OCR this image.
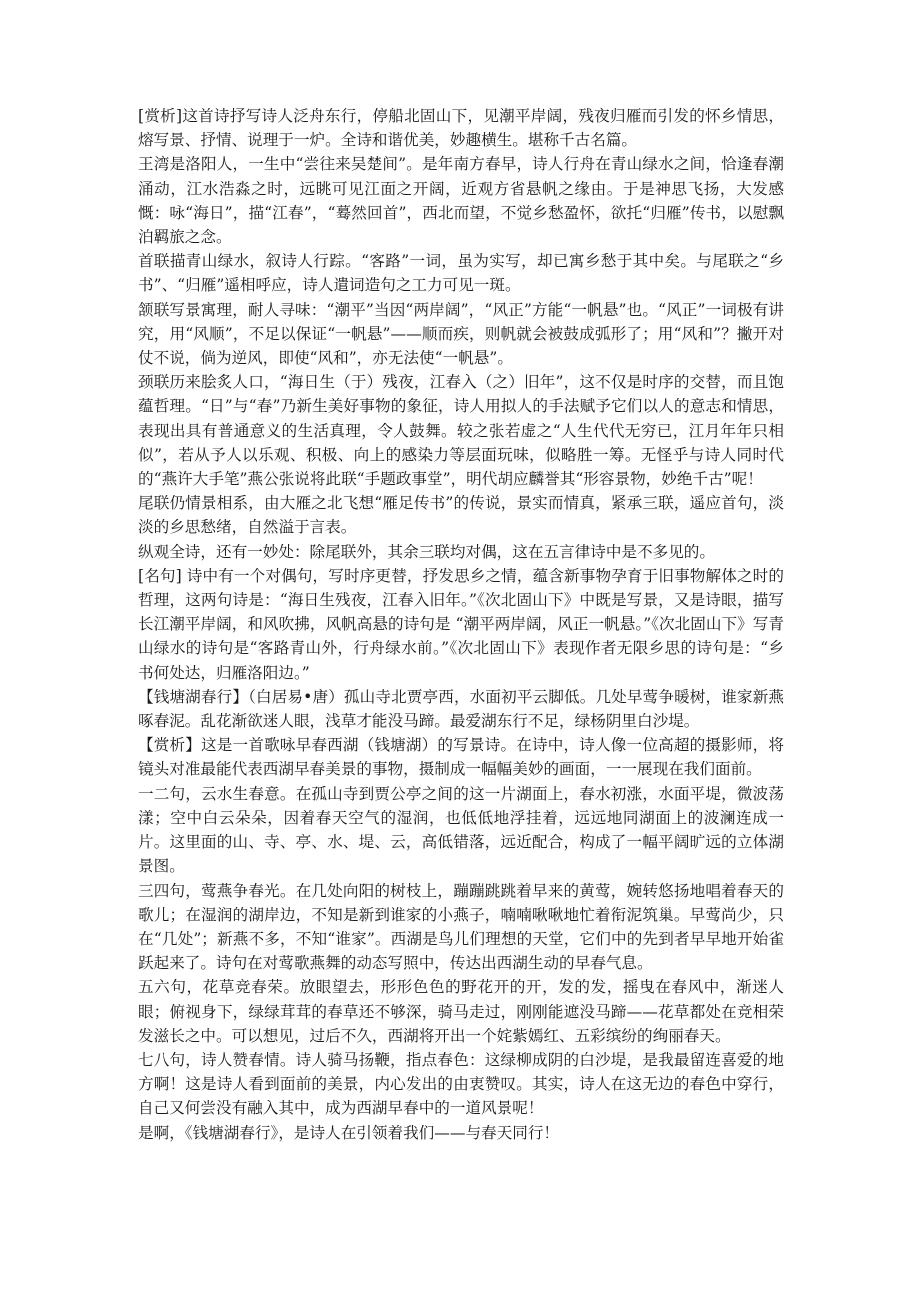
[赏析]这首诗抒写诗人泛舟东行，停船北固山下，见潮平岸阔，残夜归雁而引发的怀乡情思，熔写景、抒情、说理于一炉。全诗和谐优美，妙趣横生。堪称千古名篇。

王湾是洛阳人，一生中“尝往来吴楚间”。是年南方春早，诗人行舟在青山绿水之间，恰逢春潮涌动，江水浩淼之时，远眺可见江面之开阔，近观方省悬帆之缘由。于是神思飞扬，大发感慨：咏“海日”，描“江春”，“蓦然回首”，西北而望，不觉乡愁盈怀，欲托“归雁”传书，以慰飘泊羁旅之念。

首联描青山绿水，叙诗人行踪。“客路”一词，虽为实写，却已寓乡愁于其中矣。与尾联之“乡书”、“归雁”遥相呼应，诗人遣词造句之工力可见一斑。

颔联写景寓理，耐人寻味：“潮平”当因“两岸阔”，“风正”方能“一帆悬”也。“风正”一词极有讲究，用“风顺”，不足以保证“一帆悬”——顺而疾，则帆就会被鼓成弧形了；用“风和”？撇开对仗不说，倘为逆风，即使“风和”，亦无法使“一帆悬”。

颈联历来脍炙人口，“海日生（于）残夜，江春入（之）旧年”，这不仅是时序的交替，而且饱蕴哲理。“日”与“春”乃新生美好事物的象征，诗人用拟人的手法赋予它们以人的意志和情思，表现出具有普通意义的生活真理，令人鼓舞。较之张若虚之“人生代代无穷已，江月年年只相似”，若从予人以乐观、积极、向上的感染力等层面玩味，似略胜一筹。无怪乎与诗人同时代的“燕许大手笔”燕公张说将此联“手题政事堂”，明代胡应麟誉其“形容景物，妙绝千古”呢！

尾联仍情景相系，由大雁之北飞想“雁足传书”的传说，景实而情真，紧承三联，遥应首句，淡淡的乡思愁绪，自然溢于言表。

纵观全诗，还有一妙处：除尾联外，其余三联均对偶，这在五言律诗中是不多见的。

[名句] 诗中有一个对偶句，写时序更替，抒发思乡之情，蕴含新事物孕育于旧事物解体之时的哲理，这两句诗是：“海日生残夜，江春入旧年。”《次北固山下》中既是写景，又是诗眼，描写长江潮平岸阔，和风吹拂，风帆高悬的诗句是 “潮平两岸阔，风正一帆悬。”《次北固山下》写青山绿水的诗句是“客路青山外，行舟绿水前。”《次北固山下》表现作者无限乡思的诗句是：“乡书何处达，归雁洛阳边。”

【钱塘湖春行】（白居易•唐）孤山寺北贾亭西，水面初平云脚低。几处早莺争暖树，谁家新燕啄春泥。乱花渐欲迷人眼，浅草才能没马蹄。最爱湖东行不足，绿杨阴里白沙堤。

【赏析】这是一首歌咏早春西湖（钱塘湖）的写景诗。在诗中，诗人像一位高超的摄影师，将镜头对准最能代表西湖早春美景的事物，摄制成一幅幅美妙的画面，一一展现在我们面前。

一二句，云水生春意。在孤山寺到贾公亭之间的这一片湖面上，春水初涨，水面平堤，微波荡漾；空中白云朵朵，因着春天空气的湿润，也低低地浮挂着，远远地同湖面上的波澜连成一片。这里面的山、寺、亭、水、堤、云，高低错落，远近配合，构成了一幅平阔旷远的立体湖景图。

三四句，莺燕争春光。在几处向阳的树枝上，蹦蹦跳跳着早来的黄莺，婉转悠扬地唱着春天的歌儿；在湿润的湖岸边，不知是新到谁家的小燕子，喃喃啾啾地忙着衔泥筑巢。早莺尚少，只在“几处”；新燕不多，不知“谁家”。西湖是鸟儿们理想的天堂，它们中的先到者早早地开始雀跃起来了。诗句在对莺歌燕舞的动态写照中，传达出西湖生动的早春气息。

五六句，花草竞春荣。放眼望去，形形色色的野花开的开，发的发，摇曳在春风中，渐迷人眼；俯视身下，绿绿茸茸的春草还不够深，骑马走过，刚刚能遮没马蹄——花草都处在竞相荣发滋长之中。可以想见，过后不久，西湖将开出一个姹紫嫣红、五彩缤纷的绚丽春天。

七八句，诗人赞春情。诗人骑马扬鞭，指点春色：这绿柳成阴的白沙堤，是我最留连喜爱的地方啊！这是诗人看到面前的美景，内心发出的由衷赞叹。其实，诗人在这无边的春色中穿行，自己又何尝没有融入其中，成为西湖早春中的一道风景呢！

是啊，《钱塘湖春行》，是诗人在引领着我们——与春天同行！
